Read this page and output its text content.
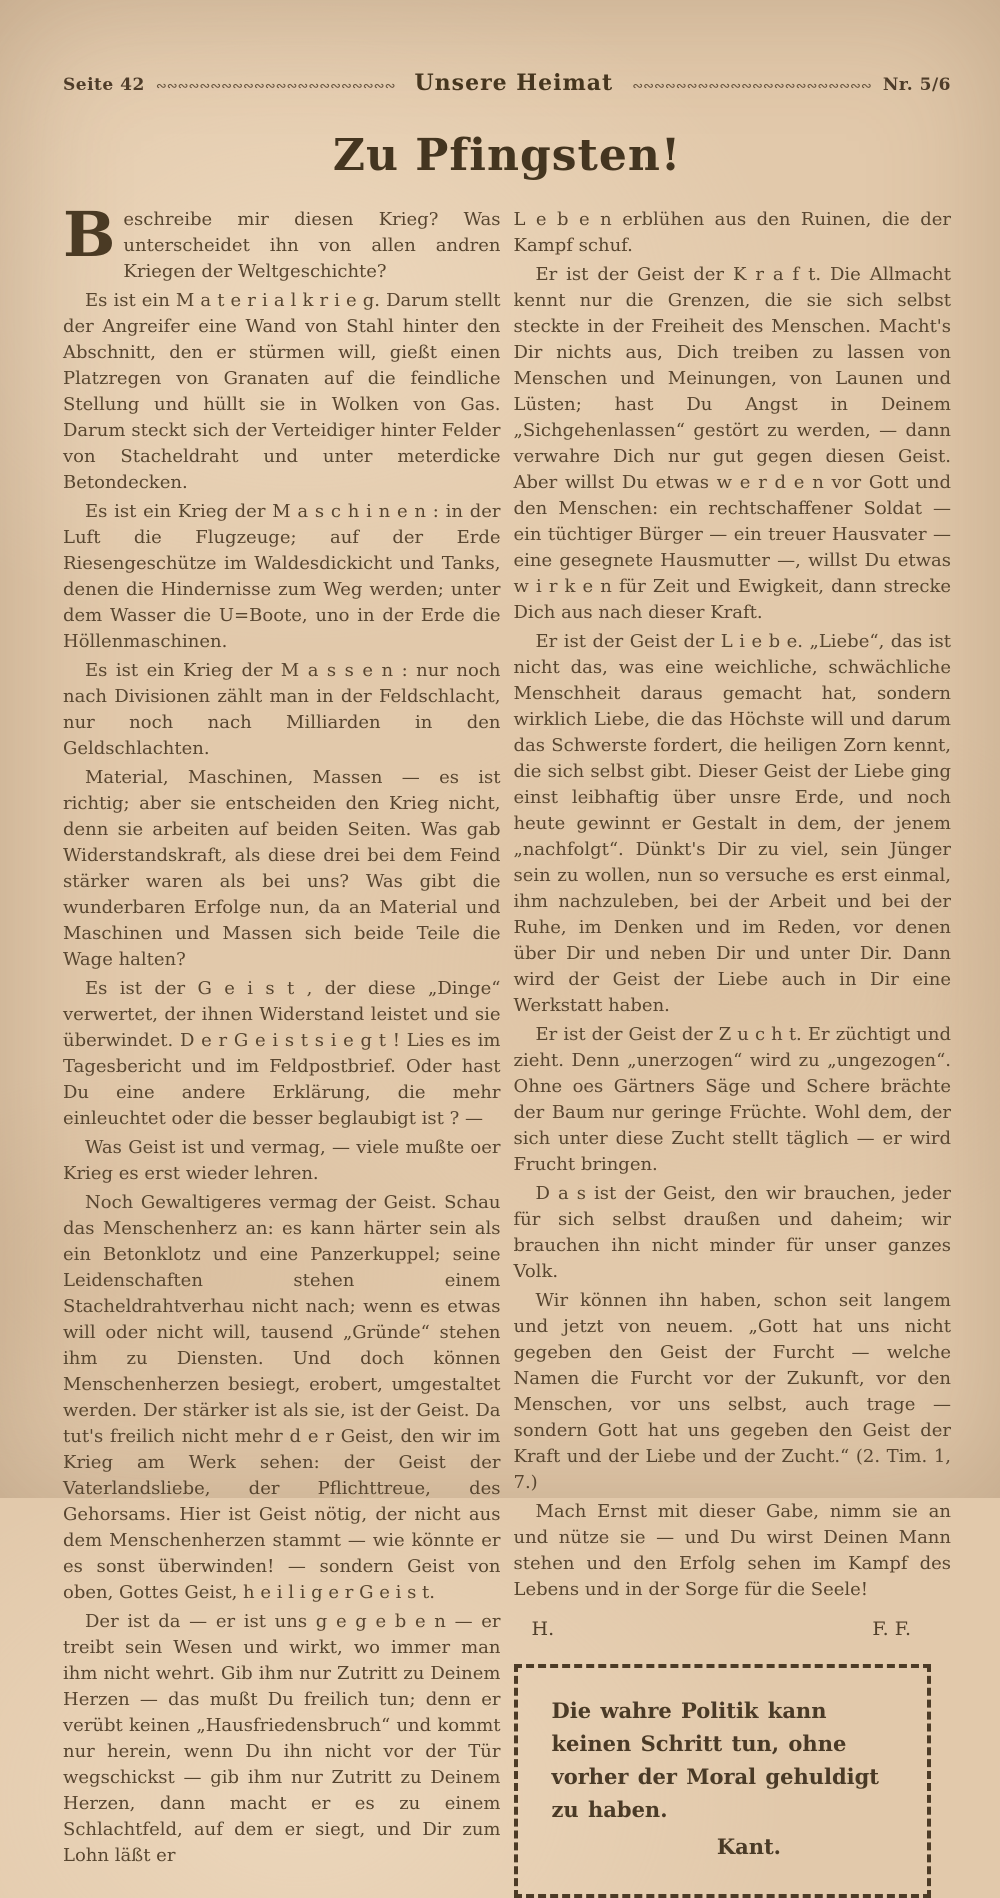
Seite 42 ∾∾∾∾∾∾∾∾∾∾∾∾∾∾∾∾∾∾∾∾∾∾ Unsere Heimat ∾∾∾∾∾∾∾∾∾∾∾∾∾∾∾∾∾∾∾∾∾∾ Nr. 5/6
Zu Pfingsten!

Beschreibe mir diesen Krieg? Was unterscheidet ihn von allen andren Kriegen der Weltgeschichte?

Es ist ein M a t e r i a l k r i e g. Darum stellt der Angreifer eine Wand von Stahl hinter den Abschnitt, den er stürmen will, gießt einen Platzregen von Granaten auf die feindliche Stellung und hüllt sie in Wolken von Gas. Darum steckt sich der Verteidiger hinter Felder von Stacheldraht und unter meterdicke Betondecken.

Es ist ein Krieg der M a s c h i n e n : in der Luft die Flugzeuge; auf der Erde Riesengeschütze im Waldesdickicht und Tanks, denen die Hindernisse zum Weg werden; unter dem Wasser die U=Boote, uno in der Erde die Höllenmaschinen.

Es ist ein Krieg der M a s s e n : nur noch nach Divisionen zählt man in der Feldschlacht, nur noch nach Milliarden in den Geldschlachten.

Material, Maschinen, Massen — es ist richtig; aber sie entscheiden den Krieg nicht, denn sie arbeiten auf beiden Seiten. Was gab Widerstandskraft, als diese drei bei dem Feind stärker waren als bei uns? Was gibt die wunderbaren Erfolge nun, da an Material und Maschinen und Massen sich beide Teile die Wage halten?

Es ist der G e i s t , der diese „Dinge“ verwertet, der ihnen Widerstand leistet und sie überwindet. D e r G e i s t s i e g t ! Lies es im Tagesbericht und im Feldpostbrief. Oder hast Du eine andere Erklärung, die mehr einleuchtet oder die besser beglaubigt ist ? —

Was Geist ist und vermag, — viele mußte oer Krieg es erst wieder lehren.

Noch Gewaltigeres vermag der Geist. Schau das Menschenherz an: es kann härter sein als ein Betonklotz und eine Panzerkuppel; seine Leidenschaften stehen einem Stacheldrahtverhau nicht nach; wenn es etwas will oder nicht will, tausend „Gründe“ stehen ihm zu Diensten. Und doch können Menschenherzen besiegt, erobert, umgestaltet werden. Der stärker ist als sie, ist der Geist. Da tut's freilich nicht mehr d e r Geist, den wir im Krieg am Werk sehen: der Geist der Vaterlandsliebe, der Pflichttreue, des Gehorsams. Hier ist Geist nötig, der nicht aus dem Menschenherzen stammt — wie könnte er es sonst überwinden! — sondern Geist von oben, Gottes Geist, h e i l i g e r G e i s t.

Der ist da — er ist uns g e g e b e n — er treibt sein Wesen und wirkt, wo immer man ihm nicht wehrt. Gib ihm nur Zutritt zu Deinem Herzen — das mußt Du freilich tun; denn er verübt keinen „Hausfriedensbruch“ und kommt nur herein, wenn Du ihn nicht vor der Tür wegschickst — gib ihm nur Zutritt zu Deinem Herzen, dann macht er es zu einem Schlachtfeld, auf dem er siegt, und Dir zum Lohn läßt er

L e b e n erblühen aus den Ruinen, die der Kampf schuf.

Er ist der Geist der K r a f t. Die Allmacht kennt nur die Grenzen, die sie sich selbst steckte in der Freiheit des Menschen. Macht's Dir nichts aus, Dich treiben zu lassen von Menschen und Meinungen, von Launen und Lüsten; hast Du Angst in Deinem „Sichgehenlassen“ gestört zu werden, — dann verwahre Dich nur gut gegen diesen Geist. Aber willst Du etwas w e r d e n vor Gott und den Menschen: ein rechtschaffener Soldat — ein tüchtiger Bürger — ein treuer Hausvater — eine gesegnete Hausmutter —, willst Du etwas w i r k e n für Zeit und Ewigkeit, dann strecke Dich aus nach dieser Kraft.

Er ist der Geist der L i e b e. „Liebe“, das ist nicht das, was eine weichliche, schwächliche Menschheit daraus gemacht hat, sondern wirklich Liebe, die das Höchste will und darum das Schwerste fordert, die heiligen Zorn kennt, die sich selbst gibt. Dieser Geist der Liebe ging einst leibhaftig über unsre Erde, und noch heute gewinnt er Gestalt in dem, der jenem „nachfolgt“. Dünkt's Dir zu viel, sein Jünger sein zu wollen, nun so versuche es erst einmal, ihm nachzuleben, bei der Arbeit und bei der Ruhe, im Denken und im Reden, vor denen über Dir und neben Dir und unter Dir. Dann wird der Geist der Liebe auch in Dir eine Werkstatt haben.

Er ist der Geist der Z u c h t. Er züchtigt und zieht. Denn „unerzogen“ wird zu „ungezogen“. Ohne oes Gärtners Säge und Schere brächte der Baum nur geringe Früchte. Wohl dem, der sich unter diese Zucht stellt täglich — er wird Frucht bringen.

D a s ist der Geist, den wir brauchen, jeder für sich selbst draußen und daheim; wir brauchen ihn nicht minder für unser ganzes Volk.

Wir können ihn haben, schon seit langem und jetzt von neuem. „Gott hat uns nicht gegeben den Geist der Furcht — welche Namen die Furcht vor der Zukunft, vor den Menschen, vor uns selbst, auch trage — sondern Gott hat uns gegeben den Geist der Kraft und der Liebe und der Zucht.“ (2. Tim. 1, 7.)

Mach Ernst mit dieser Gabe, nimm sie an und nütze sie — und Du wirst Deinen Mann stehen und den Erfolg sehen im Kampf des Lebens und in der Sorge für die Seele!

H.	F. F.
Die wahre Politik kann keinen Schritt tun, ohne vorher der Moral gehuldigt zu haben.
Kant.
